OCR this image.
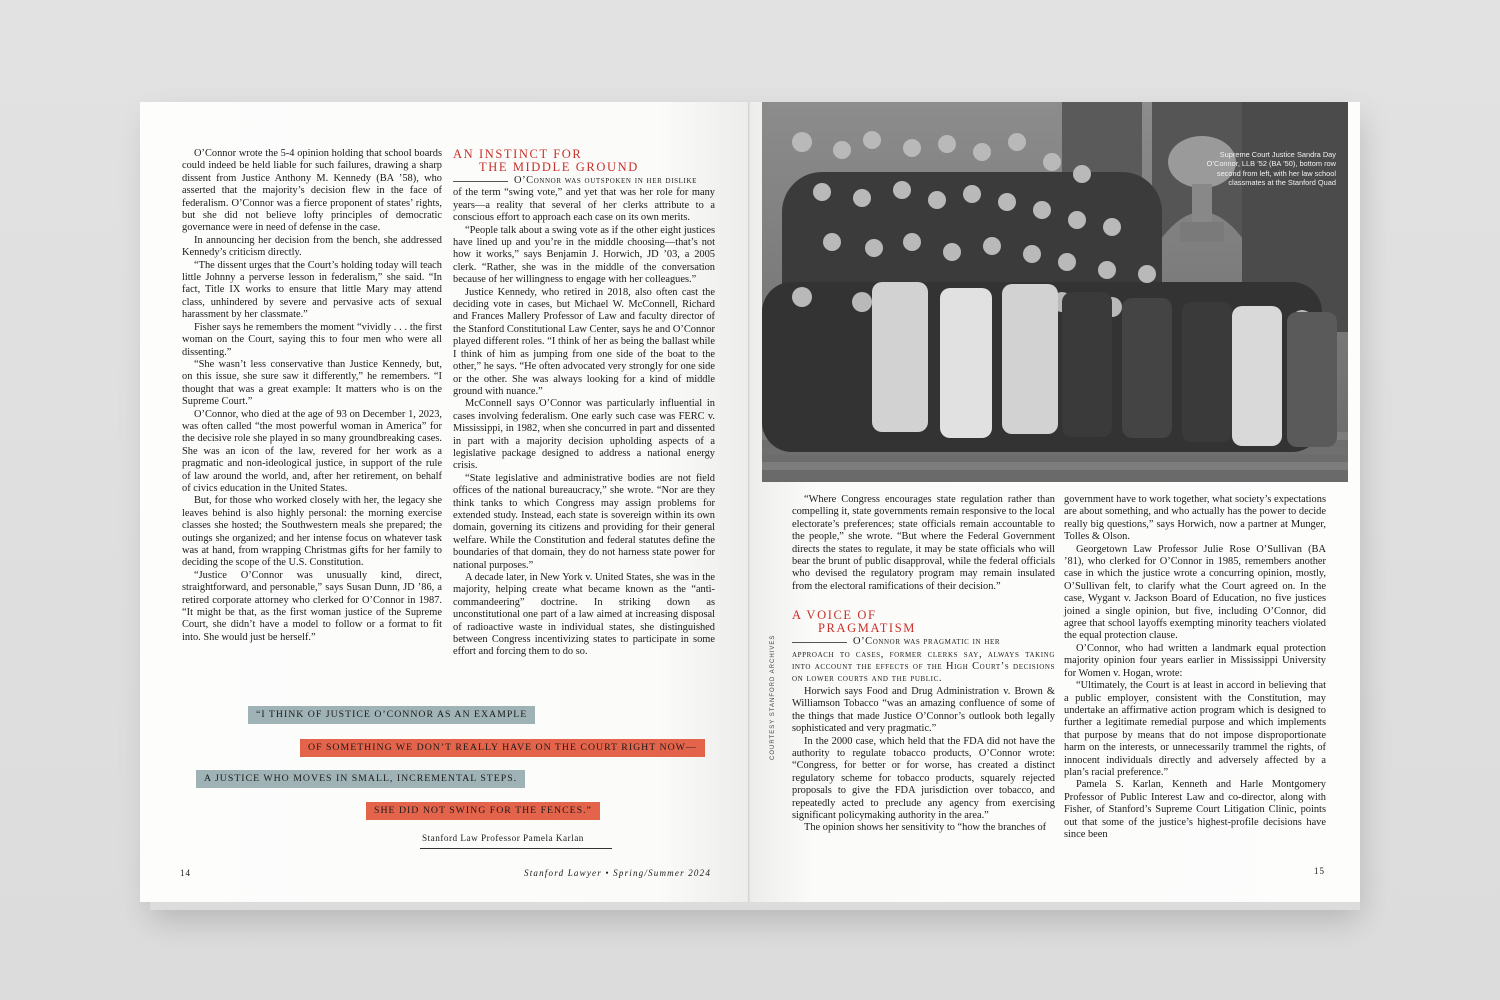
O’Connor wrote the 5-4 opinion holding that school boards could indeed be held liable for such failures, drawing a sharp dissent from Justice Anthony M. Kennedy (BA ’58), who asserted that the majority’s decision flew in the face of federalism. O’Connor was a fierce proponent of states’ rights, but she did not believe lofty principles of democratic governance were in need of defense in the case.

In announcing her decision from the bench, she addressed Kennedy’s criticism directly.

“The dissent urges that the Court’s holding today will teach little Johnny a perverse lesson in federalism,” she said. “In fact, Title IX works to ensure that little Mary may attend class, unhindered by severe and pervasive acts of sexual harassment by her classmate.”

Fisher says he remembers the moment “vividly . . . the first woman on the Court, saying this to four men who were all dissenting.”

“She wasn’t less conservative than Justice Kennedy, but, on this issue, she sure saw it differently,” he remembers. “I thought that was a great example: It matters who is on the Supreme Court.”

O’Connor, who died at the age of 93 on December 1, 2023, was often called “the most powerful woman in America” for the decisive role she played in so many groundbreaking cases. She was an icon of the law, revered for her work as a pragmatic and non-ideological justice, in support of the rule of law around the world, and, after her retirement, on behalf of civics education in the United States.

But, for those who worked closely with her, the legacy she leaves behind is also highly personal: the morning exercise classes she hosted; the Southwestern meals she prepared; the outings she organized; and her intense focus on whatever task was at hand, from wrapping Christmas gifts for her family to deciding the scope of the U.S. Constitution.

“Justice O’Connor was unusually kind, direct, straightforward, and personable,” says Susan Dunn, JD ’86, a retired corporate attorney who clerked for O’Connor in 1987. “It might be that, as the first woman justice of the Supreme Court, she didn’t have a model to follow or a format to fit into. She would just be herself.”

AN INSTINCT FOR
THE MIDDLE GROUND
O’Connor was outspoken in her dislike

of the term “swing vote,” and yet that was her role for many years—a reality that several of her clerks attribute to a conscious effort to approach each case on its own merits.

“People talk about a swing vote as if the other eight justices have lined up and you’re in the middle choosing—that’s not how it works,” says Benjamin J. Horwich, JD ’03, a 2005 clerk. “Rather, she was in the middle of the conversation because of her willingness to engage with her colleagues.”

Justice Kennedy, who retired in 2018, also often cast the deciding vote in cases, but Michael W. McConnell, Richard and Frances Mallery Professor of Law and faculty director of the Stanford Constitutional Law Center, says he and O’Connor played different roles. “I think of her as being the ballast while I think of him as jumping from one side of the boat to the other,” he says. “He often advocated very strongly for one side or the other. She was always looking for a kind of middle ground with nuance.”

McConnell says O’Connor was particularly influential in cases involving federalism. One early such case was FERC v. Mississippi, in 1982, when she concurred in part and dissented in part with a majority decision upholding aspects of a legislative package designed to address a national energy crisis.

“State legislative and administrative bodies are not field offices of the national bureaucracy,” she wrote. “Nor are they think tanks to which Congress may assign problems for extended study. Instead, each state is sovereign within its own domain, governing its citizens and providing for their general welfare. While the Constitution and federal statutes define the boundaries of that domain, they do not harness state power for national purposes.”

A decade later, in New York v. United States, she was in the majority, helping create what became known as the “anti-commandeering” doctrine. In striking down as unconstitutional one part of a law aimed at increasing disposal of radioactive waste in individual states, she distinguished between Congress incentivizing states to participate in some effort and forcing them to do so.

“I THINK OF JUSTICE O’CONNOR AS AN EXAMPLE
OF SOMETHING WE DON’T REALLY HAVE ON THE COURT RIGHT NOW—
A JUSTICE WHO MOVES IN SMALL, INCREMENTAL STEPS.
SHE DID NOT SWING FOR THE FENCES.”
Stanford Law Professor Pamela Karlan
14	Stanford Lawyer • Spring/Summer 2024
Supreme Court Justice Sandra Day O’Connor, LLB ’52 (BA ’50), bottom row second from left, with her law school classmates at the Stanford Quad
COURTESY STANFORD ARCHIVES

“Where Congress encourages state regulation rather than compelling it, state governments remain responsive to the local electorate’s preferences; state officials remain accountable to the people,” she wrote. “But where the Federal Government directs the states to regulate, it may be state officials who will bear the brunt of public disapproval, while the federal officials who devised the regulatory program may remain insulated from the electoral ramifications of their decision.”

A VOICE OF
PRAGMATISM
O’Connor was pragmatic in her

approach to cases, former clerks say, always taking into account the effects of the High Court’s decisions on lower courts and the public.

Horwich says Food and Drug Administration v. Brown & Williamson Tobacco “was an amazing confluence of some of the things that made Justice O’Connor’s outlook both legally sophisticated and very pragmatic.”

In the 2000 case, which held that the FDA did not have the authority to regulate tobacco products, O’Connor wrote: “Congress, for better or for worse, has created a distinct regulatory scheme for tobacco products, squarely rejected proposals to give the FDA jurisdiction over tobacco, and repeatedly acted to preclude any agency from exercising significant policymaking authority in the area.”

The opinion shows her sensitivity to “how the branches of

government have to work together, what society’s expectations are about something, and who actually has the power to decide really big questions,” says Horwich, now a partner at Munger, Tolles & Olson.

Georgetown Law Professor Julie Rose O’Sullivan (BA ’81), who clerked for O’Connor in 1985, remembers another case in which the justice wrote a concurring opinion, mostly, O’Sullivan felt, to clarify what the Court agreed on. In the case, Wygant v. Jackson Board of Education, no five justices joined a single opinion, but five, including O’Connor, did agree that school layoffs exempting minority teachers violated the equal protection clause.

O’Connor, who had written a landmark equal protection majority opinion four years earlier in Mississippi University for Women v. Hogan, wrote:

“Ultimately, the Court is at least in accord in believing that a public employer, consistent with the Constitution, may undertake an affirmative action program which is designed to further a legitimate remedial purpose and which implements that purpose by means that do not impose disproportionate harm on the interests, or unnecessarily trammel the rights, of innocent individuals directly and adversely affected by a plan’s racial preference.”

Pamela S. Karlan, Kenneth and Harle Montgomery Professor of Public Interest Law and co-director, along with Fisher, of Stanford’s Supreme Court Litigation Clinic, points out that some of the justice’s highest-profile decisions have since been

15
